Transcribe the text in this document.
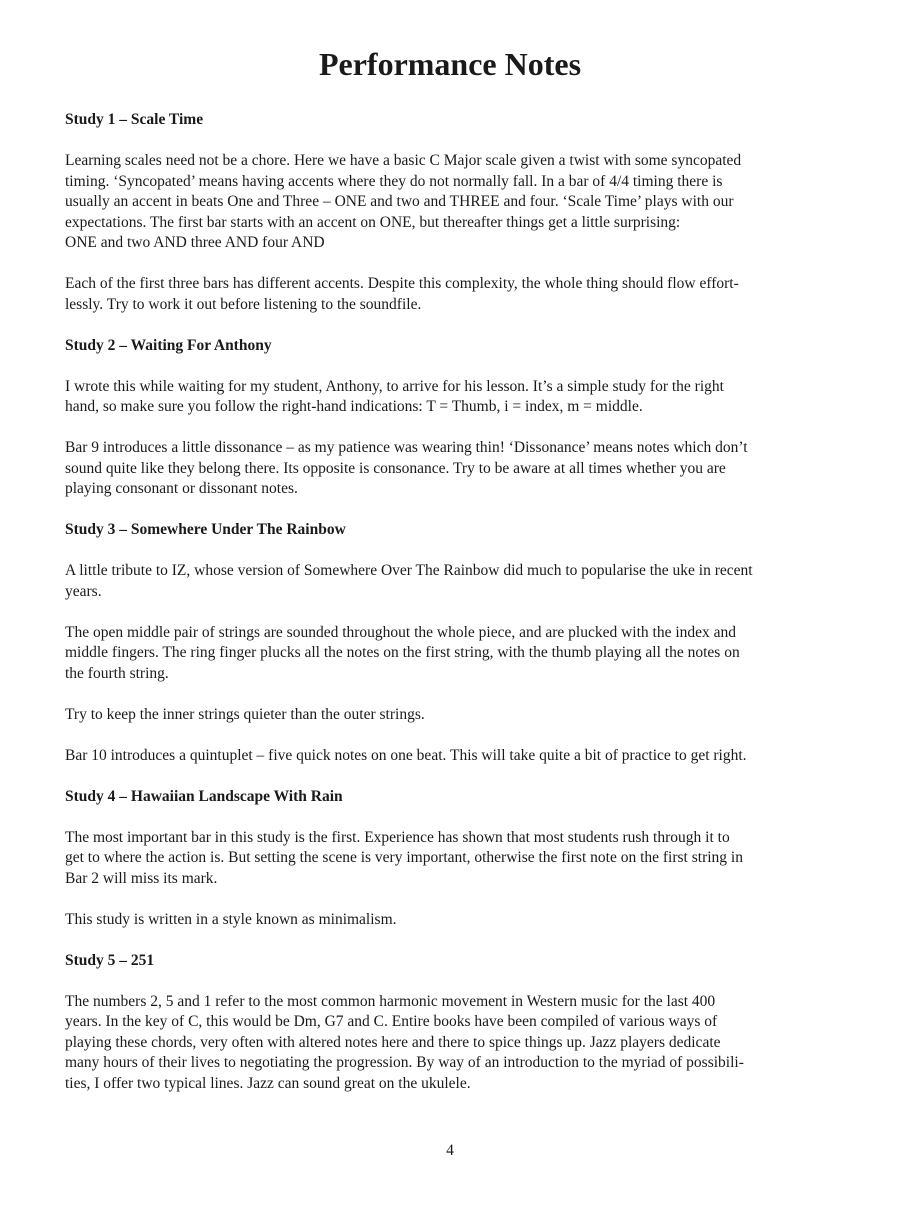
Performance Notes
Study 1 – Scale Time

Learning scales need not be a chore. Here we have a basic C Major scale given a twist with some syncopated
timing. ‘Syncopated’ means having accents where they do not normally fall. In a bar of 4/4 timing there is
usually an accent in beats One and Three – ONE and two and THREE and four. ‘Scale Time’ plays with our
expectations. The first bar starts with an accent on ONE, but thereafter things get a little surprising:
ONE and two AND three AND four AND

Each of the first three bars has different accents. Despite this complexity, the whole thing should flow effort-
lessly. Try to work it out before listening to the soundfile.

Study 2 – Waiting For Anthony

I wrote this while waiting for my student, Anthony, to arrive for his lesson. It’s a simple study for the right
hand, so make sure you follow the right-hand indications: T = Thumb, i = index, m = middle.

Bar 9 introduces a little dissonance – as my patience was wearing thin! ‘Dissonance’ means notes which don’t
sound quite like they belong there. Its opposite is consonance. Try to be aware at all times whether you are
playing consonant or dissonant notes.

Study 3 – Somewhere Under The Rainbow

A little tribute to IZ, whose version of Somewhere Over The Rainbow did much to popularise the uke in recent
years.

The open middle pair of strings are sounded throughout the whole piece, and are plucked with the index and
middle fingers. The ring finger plucks all the notes on the first string, with the thumb playing all the notes on
the fourth string.

Try to keep the inner strings quieter than the outer strings.

Bar 10 introduces a quintuplet – five quick notes on one beat. This will take quite a bit of practice to get right.

Study 4 – Hawaiian Landscape With Rain

The most important bar in this study is the first. Experience has shown that most students rush through it to
get to where the action is. But setting the scene is very important, otherwise the first note on the first string in
Bar 2 will miss its mark.

This study is written in a style known as minimalism.

Study 5 – 251

The numbers 2, 5 and 1 refer to the most common harmonic movement in Western music for the last 400
years. In the key of C, this would be Dm, G7 and C. Entire books have been compiled of various ways of
playing these chords, very often with altered notes here and there to spice things up. Jazz players dedicate
many hours of their lives to negotiating the progression. By way of an introduction to the myriad of possibili-
ties, I offer two typical lines. Jazz can sound great on the ukulele.

4
